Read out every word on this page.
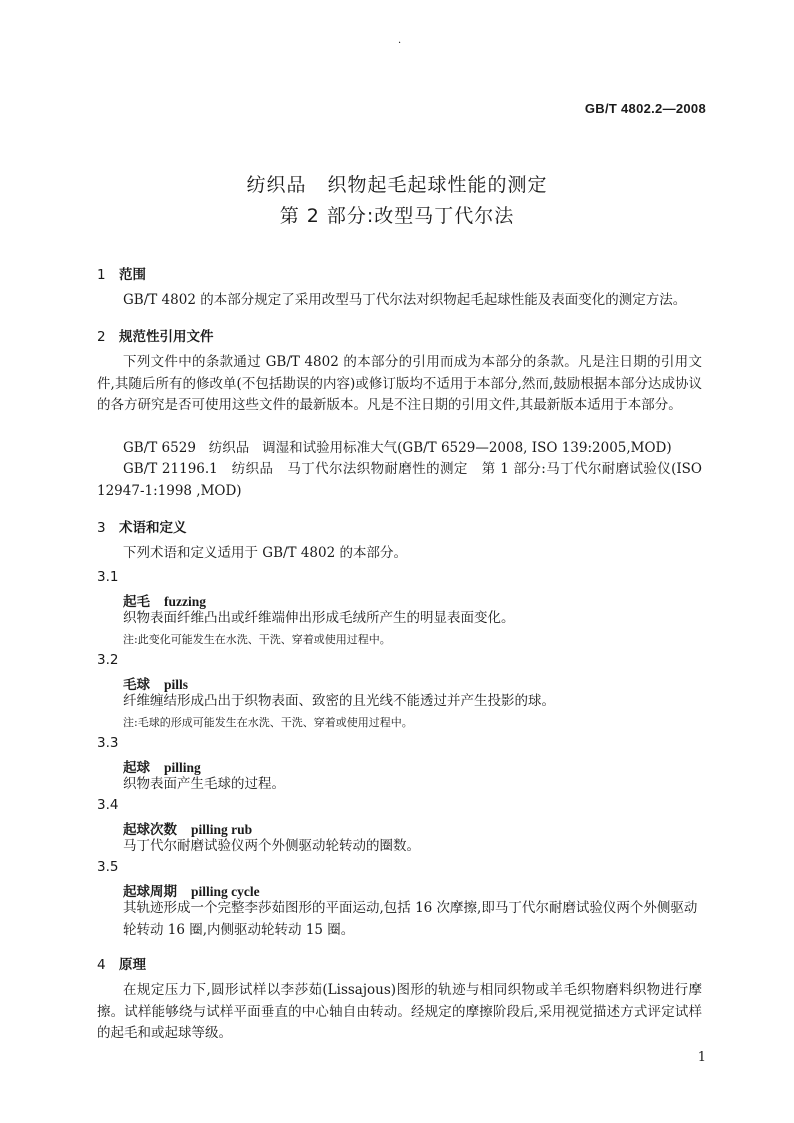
·
GB/T 4802.2—2008
纺织品   织物起毛起球性能的测定
第 2 部分:改型马丁代尔法
1 范围
GB/T 4802 的本部分规定了采用改型马丁代尔法对织物起毛起球性能及表面变化的测定方法。
2 规范性引用文件
下列文件中的条款通过 GB/T 4802 的本部分的引用而成为本部分的条款。凡是注日期的引用文件,其随后所有的修改单(不包括勘误的内容)或修订版均不适用于本部分,然而,鼓励根据本部分达成协议的各方研究是否可使用这些文件的最新版本。凡是不注日期的引用文件,其最新版本适用于本部分。
GB/T 6529   纺织品   调湿和试验用标准大气(GB/T 6529—2008, ISO 139:2005,MOD)
GB/T 21196.1   纺织品   马丁代尔法织物耐磨性的测定   第 1 部分:马丁代尔耐磨试验仪(ISO 12947-1:1998 ,MOD)
3 术语和定义
下列术语和定义适用于 GB/T 4802 的本部分。
3.1
起毛 fuzzing
织物表面纤维凸出或纤维端伸出形成毛绒所产生的明显表面变化。
注:此变化可能发生在水洗、干洗、穿着或使用过程中。
3.2
毛球 pills
纤维缠结形成凸出于织物表面、致密的且光线不能透过并产生投影的球。
注:毛球的形成可能发生在水洗、干洗、穿着或使用过程中。
3.3
起球 pilling
织物表面产生毛球的过程。
3.4
起球次数 pilling rub
马丁代尔耐磨试验仪两个外侧驱动轮转动的圈数。
3.5
起球周期 pilling cycle
其轨迹形成一个完整李莎茹图形的平面运动,包括 16 次摩擦,即马丁代尔耐磨试验仪两个外侧驱动轮转动 16 圈,内侧驱动轮转动 15 圈。
4 原理
在规定压力下,圆形试样以李莎茹(Lissajous)图形的轨迹与相同织物或羊毛织物磨料织物进行摩擦。试样能够绕与试样平面垂直的中心轴自由转动。经规定的摩擦阶段后,采用视觉描述方式评定试样的起毛和或起球等级。
1
